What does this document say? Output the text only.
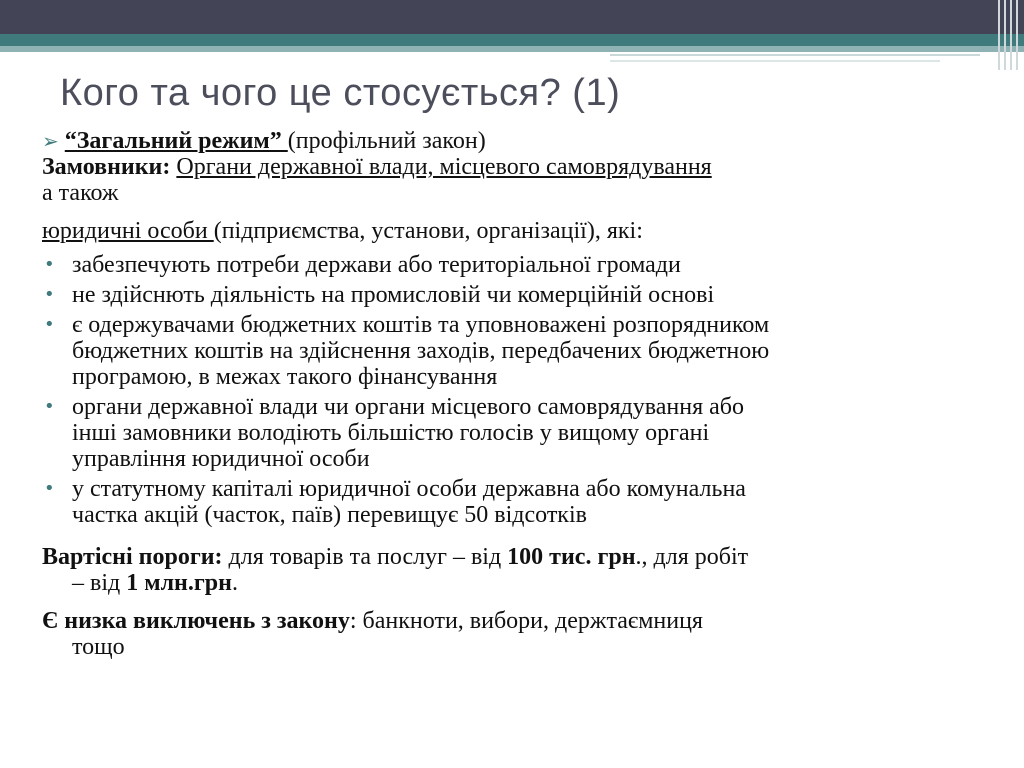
Кого та чого це стосується? (1)
➢ “Загальний режим” (профільний закон)
Замовники: Органи державної влади, місцевого самоврядування
а також
юридичні особи (підприємства, установи, організації), які:
• забезпечують потреби держави або територіальної громади
• не здійснють діяльність на промисловій чи комерційній основі
• є одержувачами бюджетних коштів та уповноважені розпорядником
бюджетних коштів на здійснення заходів, передбачених бюджетною
програмою, в межах такого фінансування
• органи державної влади чи органи місцевого самоврядування або
інші замовники володіють більшістю голосів у вищому органі
управління юридичної особи
• у статутному капіталі юридичної особи державна або комунальна
частка акцій (часток, паїв) перевищує 50 відсотків
Вартісні пороги: для товарів та послуг – від 100 тис. грн., для робіт
– від 1 млн.грн.
Є низка виключень з закону: банкноти, вибори, держтаємниця
тощо
